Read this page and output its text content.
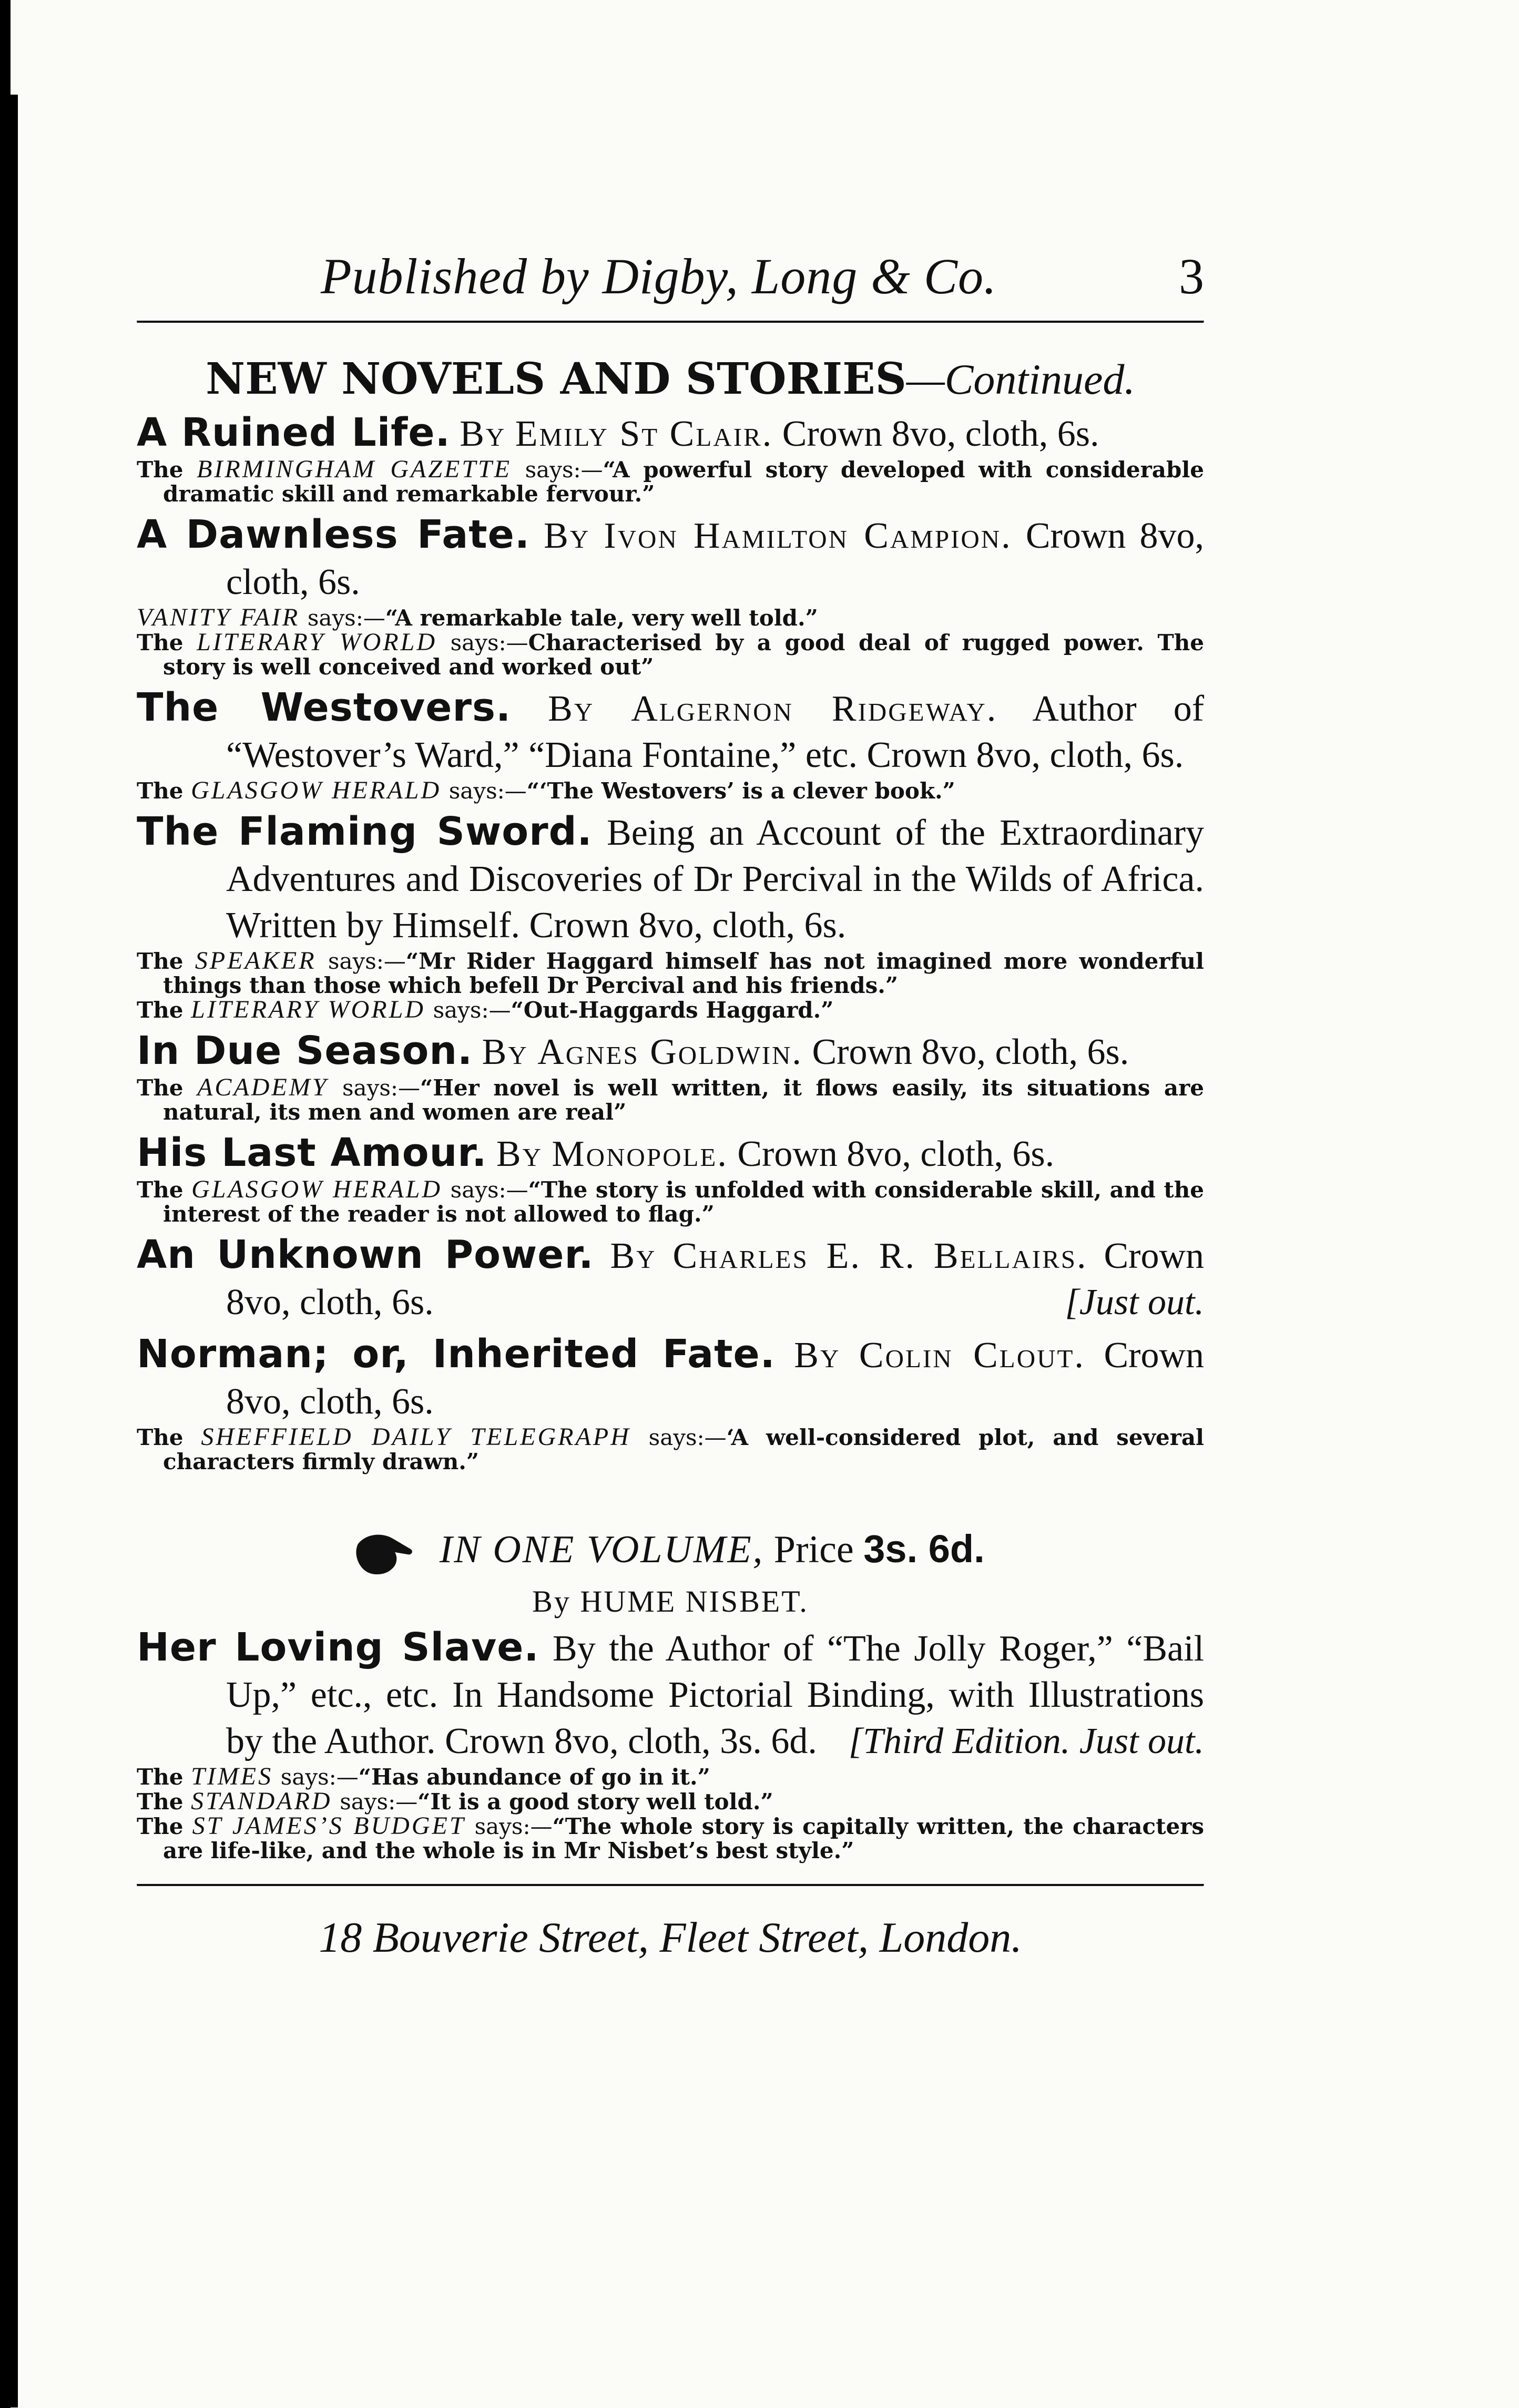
Published by Digby, Long & Co.	3
NEW NOVELS AND STORIES—Continued.
A Ruined Life. By Emily St Clair. Crown 8vo, cloth, 6s.
The BIRMINGHAM GAZETTE says:—“A powerful story developed with considerable dramatic skill and remarkable fervour.”
A Dawnless Fate. By Ivon Hamilton Campion. Crown 8vo, cloth, 6s.
VANITY FAIR says:—“A remarkable tale, very well told.”
The LITERARY WORLD says:—Characterised by a good deal of rugged power. The story is well conceived and worked out”
The Westovers. By Algernon Ridgeway. Author of “Westover’s Ward,” “Diana Fontaine,” etc. Crown 8vo, cloth, 6s.
The GLASGOW HERALD says:—“‘The Westovers’ is a clever book.”
The Flaming Sword. Being an Account of the Extraordinary Adventures and Discoveries of Dr Percival in the Wilds of Africa. Written by Himself. Crown 8vo, cloth, 6s.
The SPEAKER says:—“Mr Rider Haggard himself has not imagined more wonderful things than those which befell Dr Percival and his friends.”
The LITERARY WORLD says:—“Out-Haggards Haggard.”
In Due Season. By Agnes Goldwin. Crown 8vo, cloth, 6s.
The ACADEMY says:—“Her novel is well written, it flows easily, its situations are natural, its men and women are real”
His Last Amour. By Monopole. Crown 8vo, cloth, 6s.
The GLASGOW HERALD says:—“The story is unfolded with considerable skill, and the interest of the reader is not allowed to flag.”
An Unknown Power. By Charles E. R. Bellairs. Crown 8vo, cloth, 6s.	[Just out.
Norman; or, Inherited Fate. By Colin Clout. Crown 8vo, cloth, 6s.
The SHEFFIELD DAILY TELEGRAPH says:—‘A well-considered plot, and several characters firmly drawn.”
IN ONE VOLUME, Price 3s. 6d.
By HUME NISBET.
Her Loving Slave. By the Author of “The Jolly Roger,” “Bail Up,” etc., etc. In Handsome Pictorial Binding, with Illustrations by the Author. Crown 8vo, cloth, 3s. 6d. [Third Edition. Just out.
The TIMES says:—“Has abundance of go in it.”
The STANDARD says:—“It is a good story well told.”
The ST JAMES’S BUDGET says:—“The whole story is capitally written, the characters are life-like, and the whole is in Mr Nisbet’s best style.”
18 Bouverie Street, Fleet Street, London.
